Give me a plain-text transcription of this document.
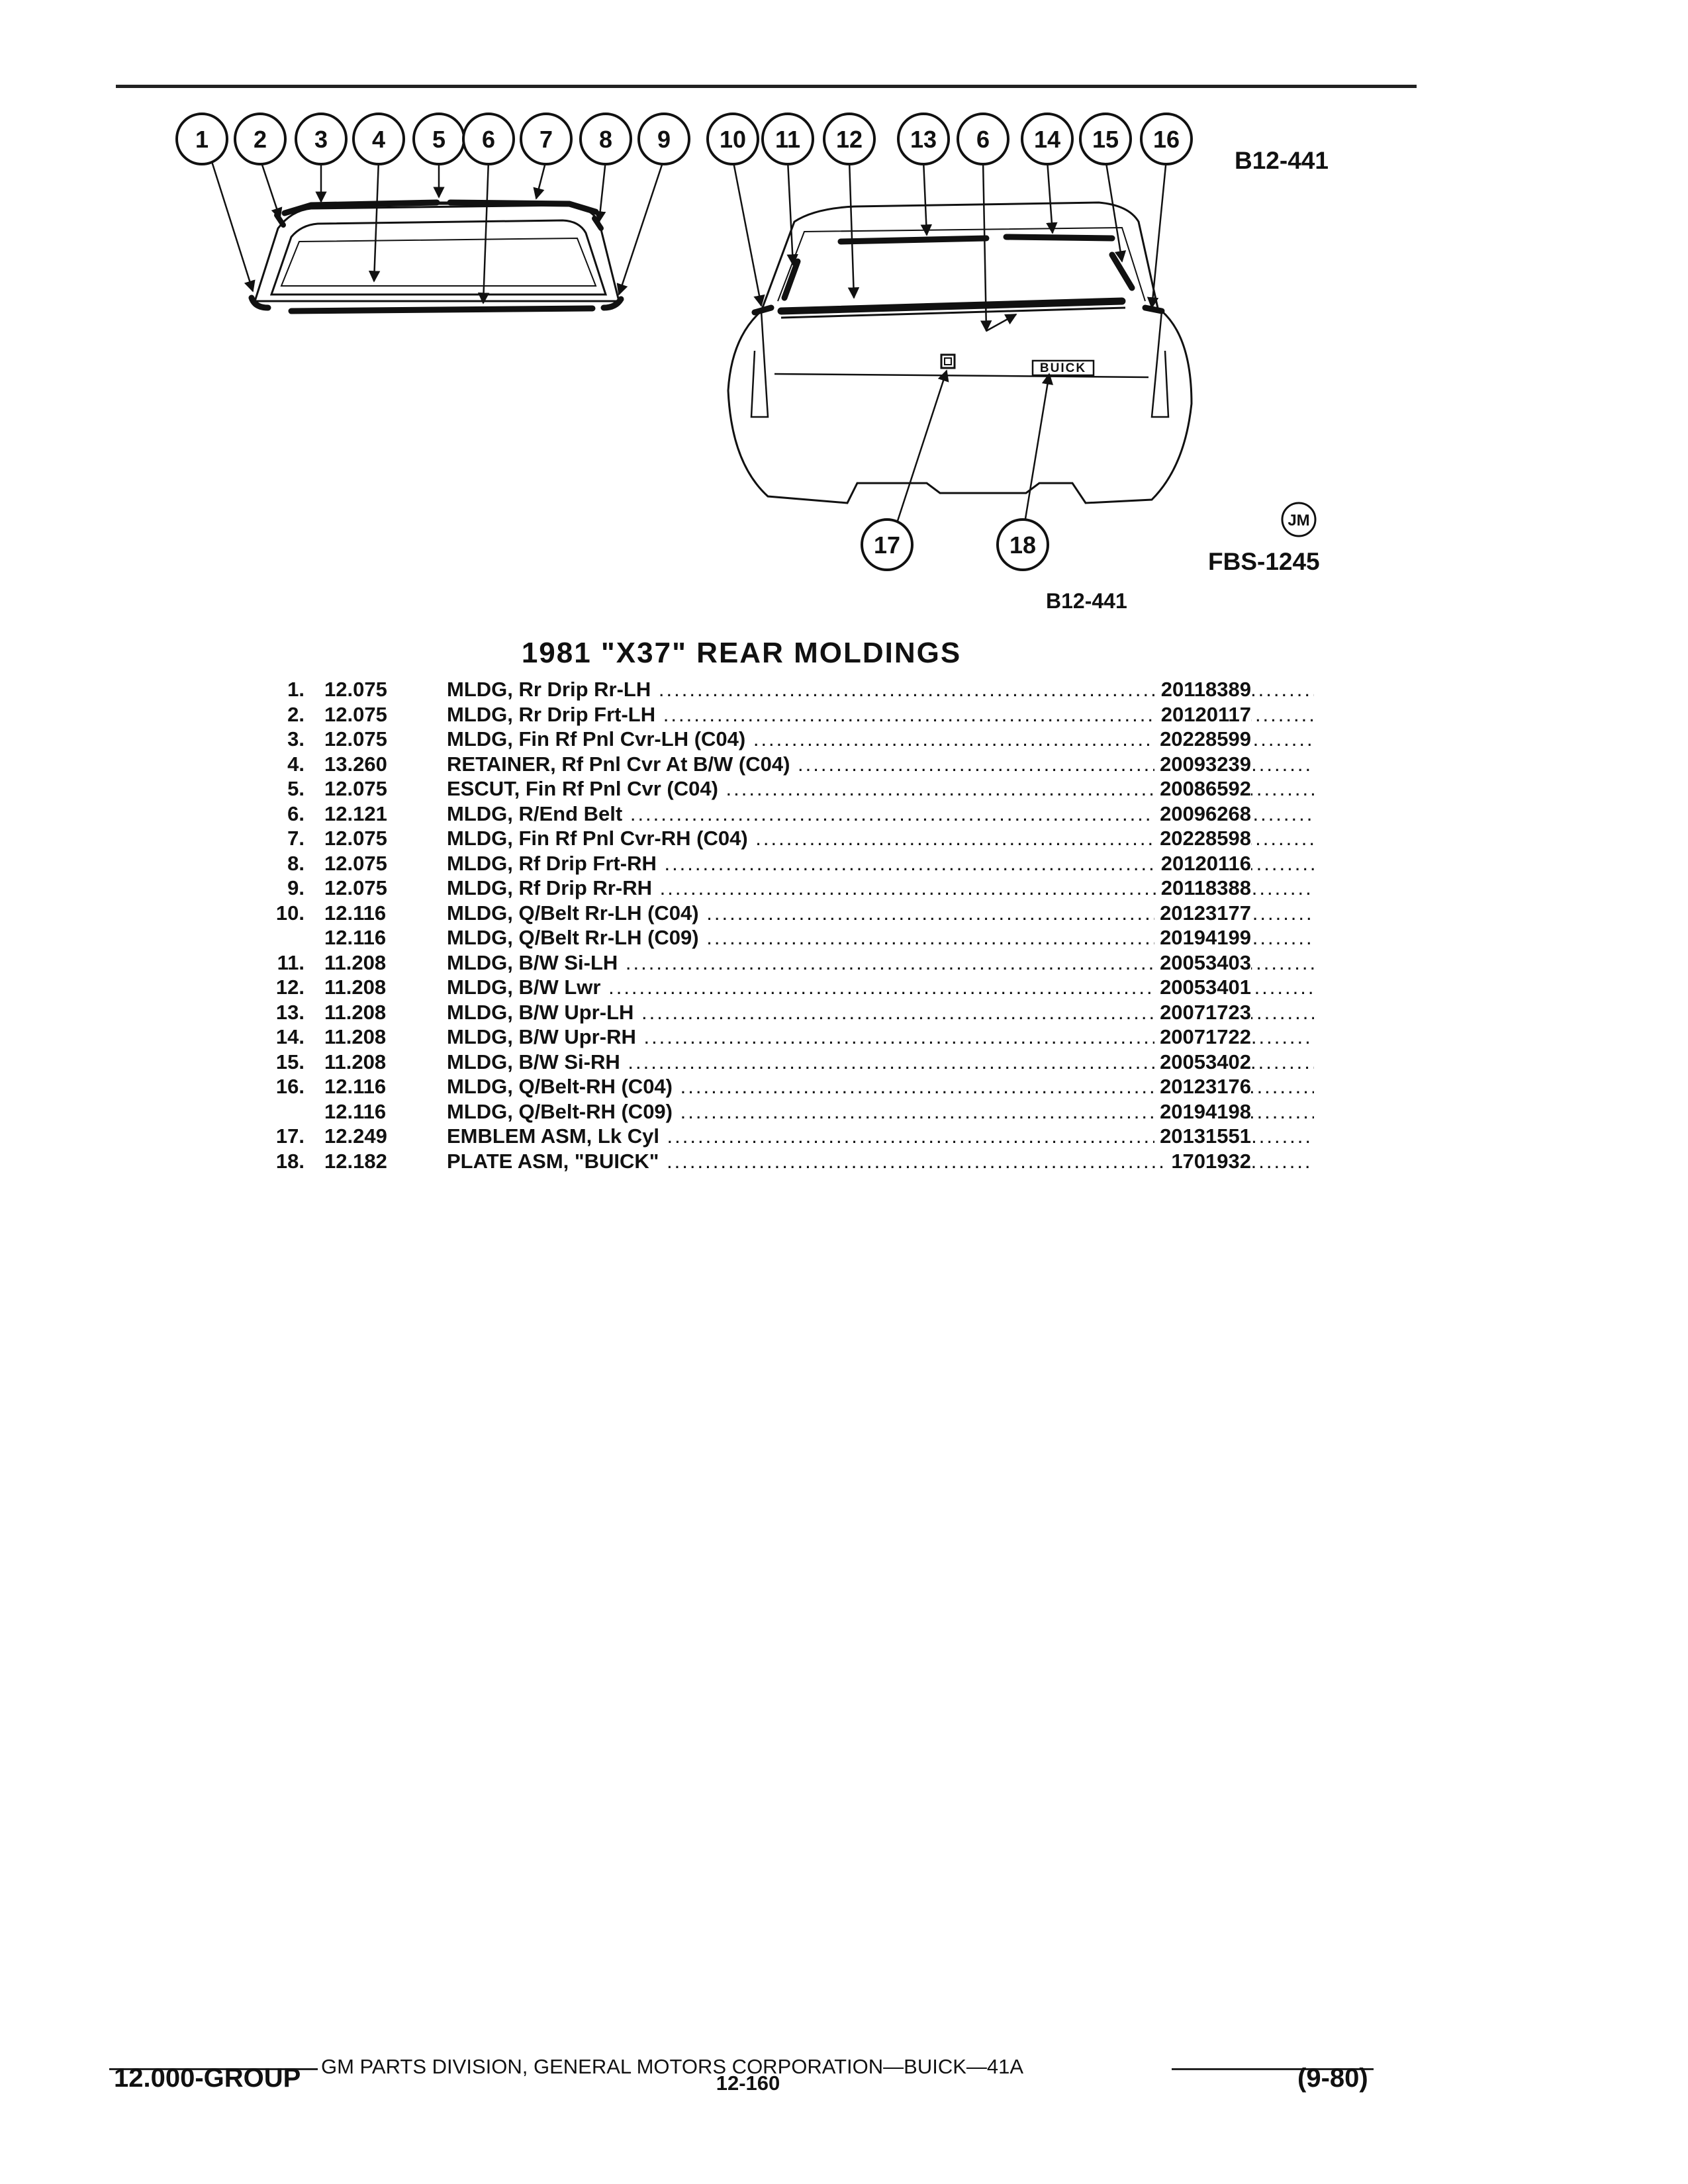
BUICK
1 2 3 4 5 6 7 8 9 10 11 12 13 6 14 15 16
17	18
JM
B12-441
FBS-1245
B12-441
1981 "X37" REAR MOLDINGS
1. 12.075	MLDG, Rr Drip Rr-LH .....	20118389
2. 12.075	MLDG, Rr Drip Frt-LH .....	20120117
3. 12.075	MLDG, Fin Rf Pnl Cvr-LH (C04) .....	20228599
4. 13.260	RETAINER, Rf Pnl Cvr At B/W (C04) .....	20093239
5. 12.075	ESCUT, Fin Rf Pnl Cvr (C04) .....	20086592
6. 12.121	MLDG, R/End Belt .....	20096268
7. 12.075	MLDG, Fin Rf Pnl Cvr-RH (C04) .....	20228598
8. 12.075	MLDG, Rf Drip Frt-RH .....	20120116
9. 12.075	MLDG, Rf Drip Rr-RH .....	20118388
10. 12.116	MLDG, Q/Belt Rr-LH (C04) .....	20123177
12.116	MLDG, Q/Belt Rr-LH (C09) .....	20194199
11. 11.208	MLDG, B/W Si-LH .....	20053403
12. 11.208	MLDG, B/W Lwr .....	20053401
13. 11.208	MLDG, B/W Upr-LH .....	20071723
14. 11.208	MLDG, B/W Upr-RH .....	20071722
15. 11.208	MLDG, B/W Si-RH .....	20053402
16. 12.116	MLDG, Q/Belt-RH (C04) .....	20123176
12.116	MLDG, Q/Belt-RH (C09) .....	20194198
17. 12.249	EMBLEM ASM, Lk Cyl .....	20131551
18. 12.182	PLATE ASM, "BUICK" .....	1701932
GM PARTS DIVISION, GENERAL MOTORS CORPORATION—BUICK—41A
12.000-GROUP	12-160	(9-80)
